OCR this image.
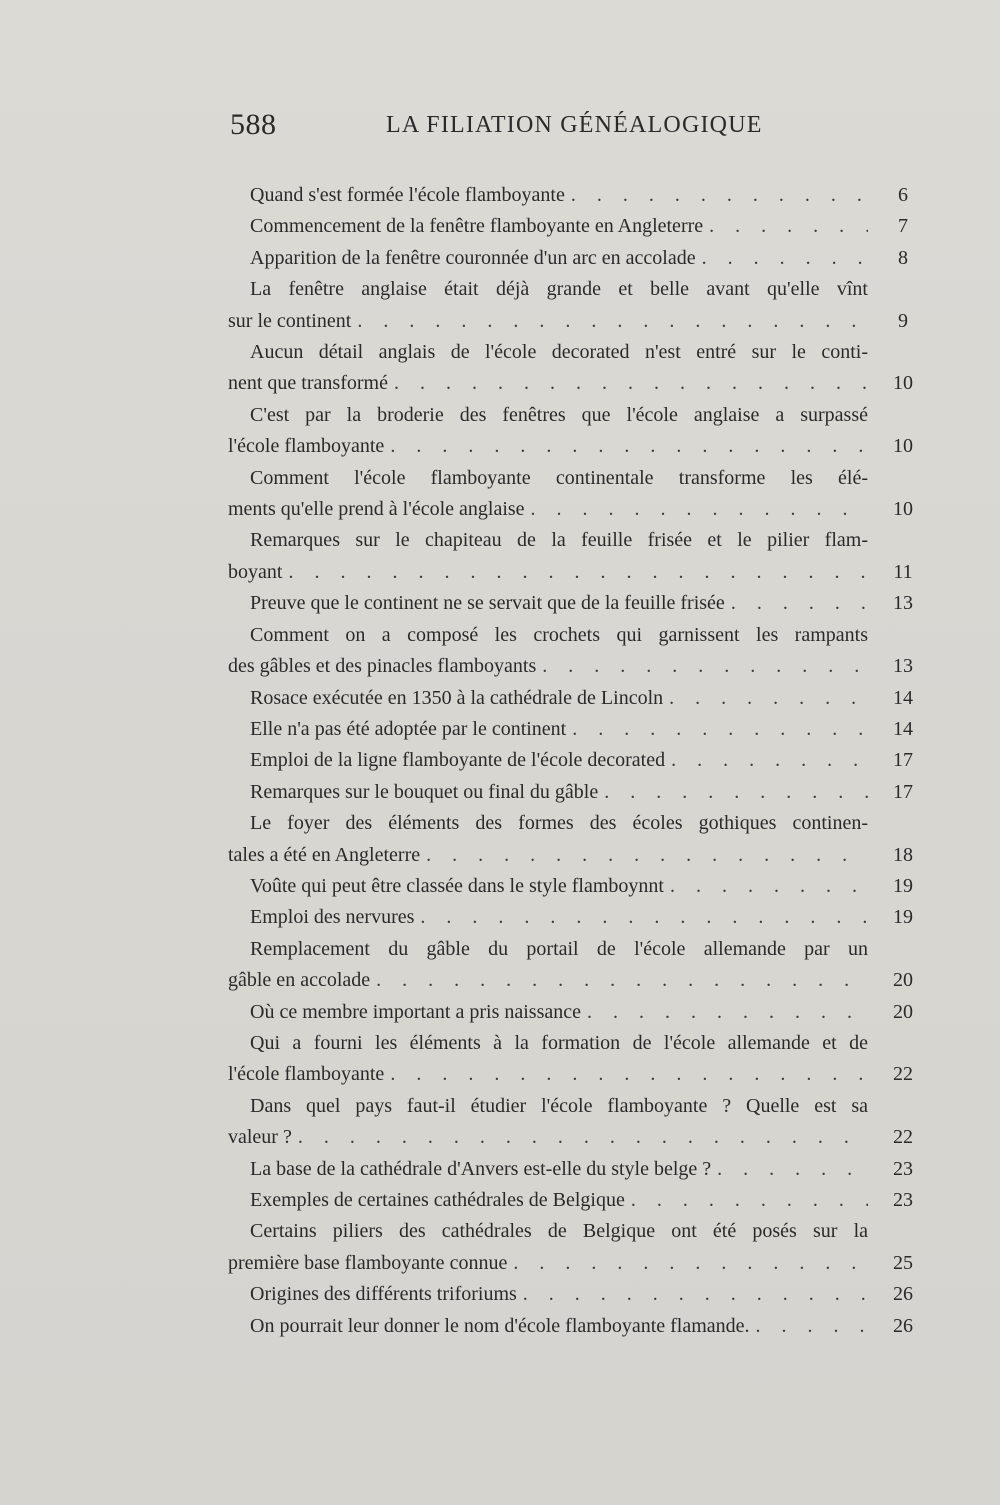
588	LA FILIATION GÉNÉALOGIQUE
Quand s'est formée l'école flamboyante . . .	6
Commencement de la fenêtre flamboyante en Angleterre . . .	7
Apparition de la fenêtre couronnée d'un arc en accolade . . .	8
La fenêtre anglaise était déjà grande et belle avant qu'elle vînt
sur le continent . . .	9
Aucun détail anglais de l'école decorated n'est entré sur le conti-
nent que transformé . . .	10
C'est par la broderie des fenêtres que l'école anglaise a surpassé
l'école flamboyante . . .	10
Comment l'école flamboyante continentale transforme les élé-
ments qu'elle prend à l'école anglaise . . .	10
Remarques sur le chapiteau de la feuille frisée et le pilier flam-
boyant . . .	11
Preuve que le continent ne se servait que de la feuille frisée . . .	13
Comment on a composé les crochets qui garnissent les rampants
des gâbles et des pinacles flamboyants . . .	13
Rosace exécutée en 1350 à la cathédrale de Lincoln . . .	14
Elle n'a pas été adoptée par le continent . . .	14
Emploi de la ligne flamboyante de l'école decorated . . .	17
Remarques sur le bouquet ou final du gâble . . .	17
Le foyer des éléments des formes des écoles gothiques continen-
tales a été en Angleterre . . .	18
Voûte qui peut être classée dans le style flamboynnt . . .	19
Emploi des nervures . . .	19
Remplacement du gâble du portail de l'école allemande par un
gâble en accolade . . .	20
Où ce membre important a pris naissance . . .	20
Qui a fourni les éléments à la formation de l'école allemande et de
l'école flamboyante . . .	22
Dans quel pays faut-il étudier l'école flamboyante ? Quelle est sa
valeur ? . . .	22
La base de la cathédrale d'Anvers est-elle du style belge ? . . .	23
Exemples de certaines cathédrales de Belgique . . .	23
Certains piliers des cathédrales de Belgique ont été posés sur la
première base flamboyante connue . . .	25
Origines des différents triforiums . . .	26
On pourrait leur donner le nom d'école flamboyante flamande. . . .	26
